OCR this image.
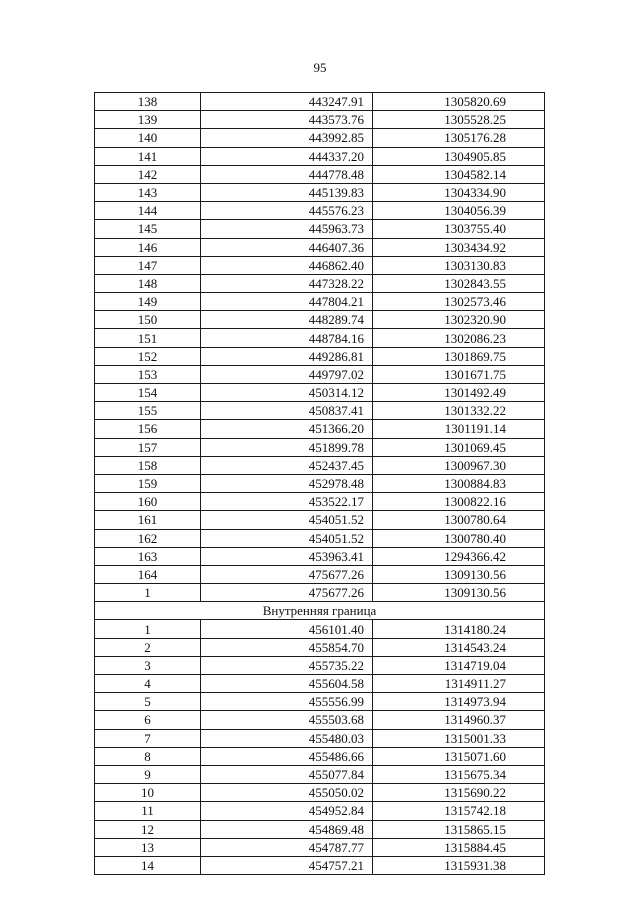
95
138	443247.91	1305820.69
139	443573.76	1305528.25
140	443992.85	1305176.28
141	444337.20	1304905.85
142	444778.48	1304582.14
143	445139.83	1304334.90
144	445576.23	1304056.39
145	445963.73	1303755.40
146	446407.36	1303434.92
147	446862.40	1303130.83
148	447328.22	1302843.55
149	447804.21	1302573.46
150	448289.74	1302320.90
151	448784.16	1302086.23
152	449286.81	1301869.75
153	449797.02	1301671.75
154	450314.12	1301492.49
155	450837.41	1301332.22
156	451366.20	1301191.14
157	451899.78	1301069.45
158	452437.45	1300967.30
159	452978.48	1300884.83
160	453522.17	1300822.16
161	454051.52	1300780.64
162	454051.52	1300780.40
163	453963.41	1294366.42
164	475677.26	1309130.56
1	475677.26	1309130.56
Внутренняя граница		
1	456101.40	1314180.24
2	455854.70	1314543.24
3	455735.22	1314719.04
4	455604.58	1314911.27
5	455556.99	1314973.94
6	455503.68	1314960.37
7	455480.03	1315001.33
8	455486.66	1315071.60
9	455077.84	1315675.34
10	455050.02	1315690.22
11	454952.84	1315742.18
12	454869.48	1315865.15
13	454787.77	1315884.45
14	454757.21	1315931.38
